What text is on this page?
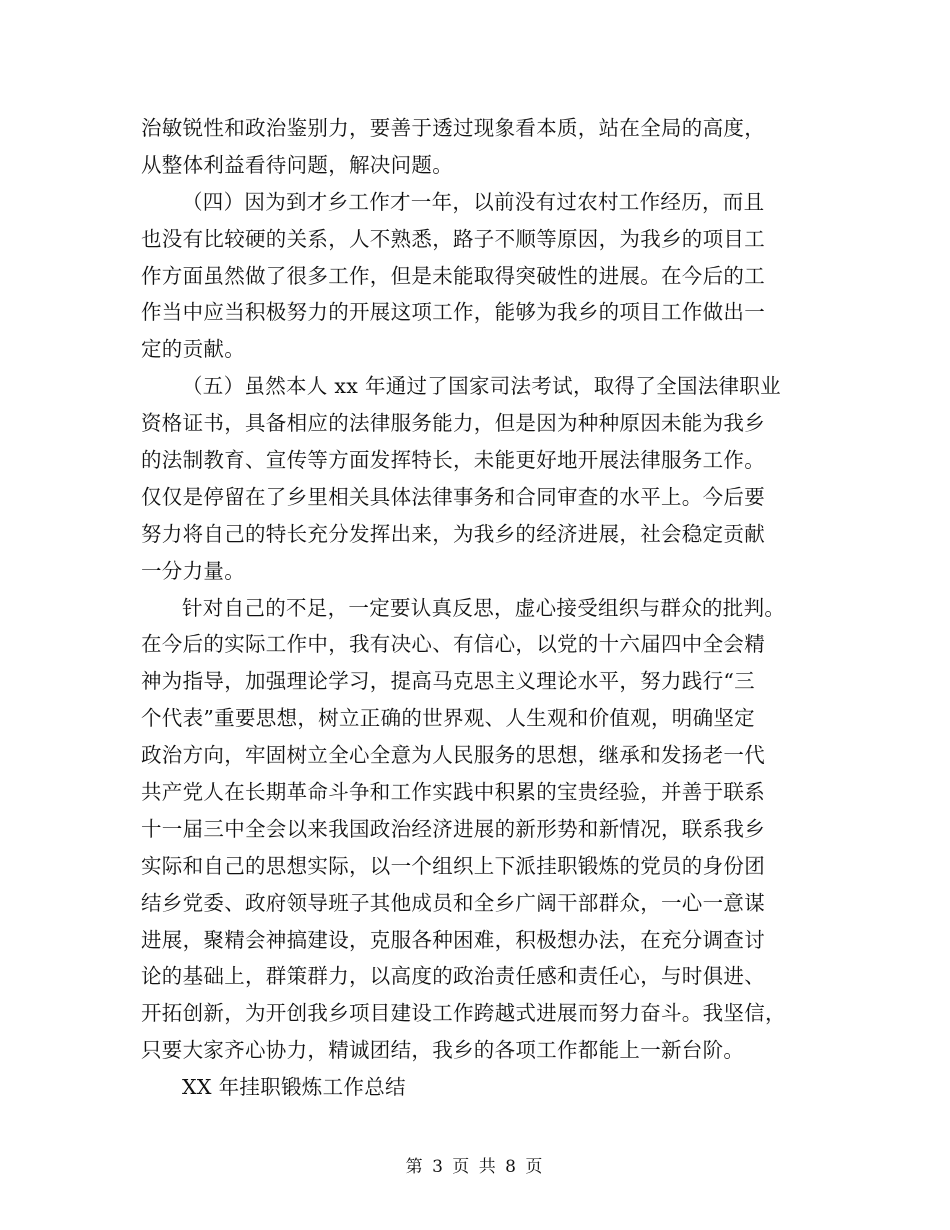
治敏锐性和政治鉴别力，要善于透过现象看本质，站在全局的高度，
从整体利益看待问题，解决问题。
（四）因为到才乡工作才一年，以前没有过农村工作经历，而且
也没有比较硬的关系，人不熟悉，路子不顺等原因，为我乡的项目工
作方面虽然做了很多工作，但是未能取得突破性的进展。在今后的工
作当中应当积极努力的开展这项工作，能够为我乡的项目工作做出一
定的贡献。
（五）虽然本人 xx 年通过了国家司法考试，取得了全国法律职业
资格证书，具备相应的法律服务能力，但是因为种种原因未能为我乡
的法制教育、宣传等方面发挥特长，未能更好地开展法律服务工作。
仅仅是停留在了乡里相关具体法律事务和合同审查的水平上。今后要
努力将自己的特长充分发挥出来，为我乡的经济进展，社会稳定贡献
一分力量。
针对自己的不足，一定要认真反思，虚心接受组织与群众的批判。
在今后的实际工作中，我有决心、有信心，以党的十六届四中全会精
神为指导，加强理论学习，提高马克思主义理论水平，努力践行“三
个代表”重要思想，树立正确的世界观、人生观和价值观，明确坚定
政治方向，牢固树立全心全意为人民服务的思想，继承和发扬老一代
共产党人在长期革命斗争和工作实践中积累的宝贵经验，并善于联系
十一届三中全会以来我国政治经济进展的新形势和新情况，联系我乡
实际和自己的思想实际，以一个组织上下派挂职锻炼的党员的身份团
结乡党委、政府领导班子其他成员和全乡广阔干部群众，一心一意谋
进展，聚精会神搞建设，克服各种困难，积极想办法，在充分调查讨
论的基础上，群策群力，以高度的政治责任感和责任心，与时俱进、
开拓创新，为开创我乡项目建设工作跨越式进展而努力奋斗。我坚信，
只要大家齐心协力，精诚团结，我乡的各项工作都能上一新台阶。
XX 年挂职锻炼工作总结
第 3 页 共 8 页
